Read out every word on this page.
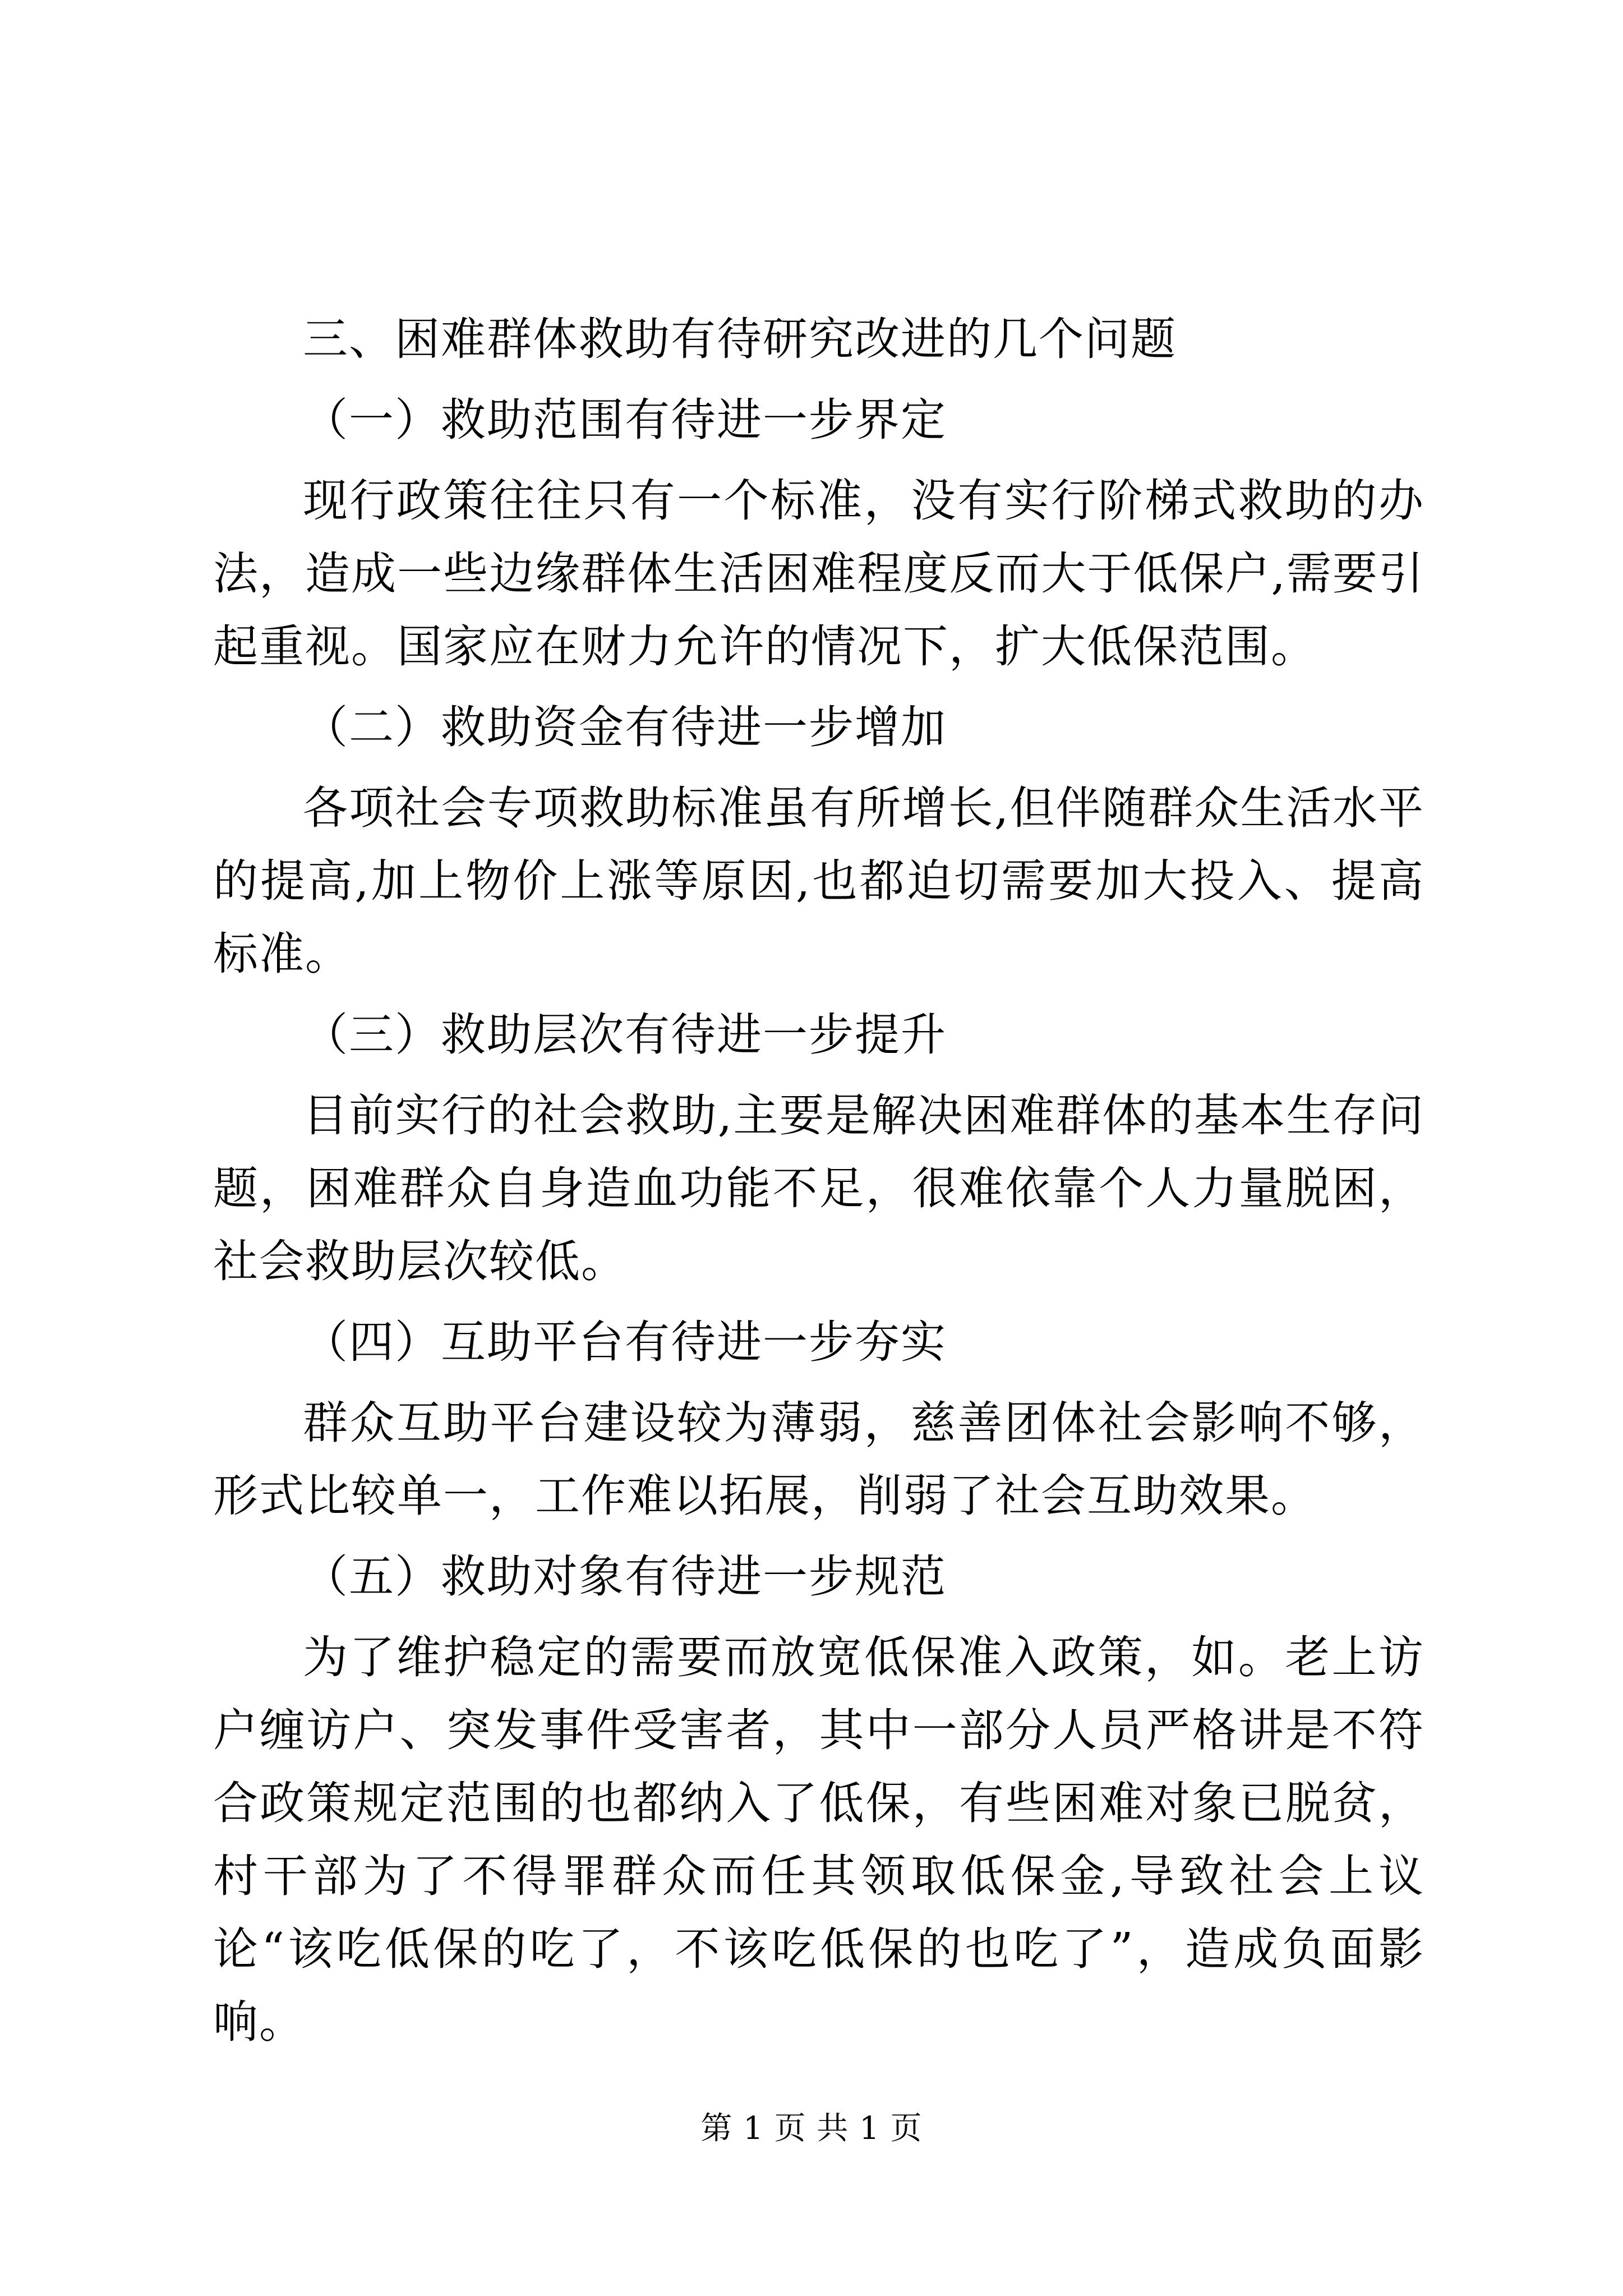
三、困难群体救助有待研究改进的几个问题

（一）救助范围有待进一步界定

现行政策往往只有一个标准，没有实行阶梯式救助的办法，造成一些边缘群体生活困难程度反而大于低保户,需要引起重视。国家应在财力允许的情况下，扩大低保范围。

（二）救助资金有待进一步增加

各项社会专项救助标准虽有所增长,但伴随群众生活水平的提高,加上物价上涨等原因,也都迫切需要加大投入、提高标准。

（三）救助层次有待进一步提升

目前实行的社会救助,主要是解决困难群体的基本生存问题，困难群众自身造血功能不足，很难依靠个人力量脱困，社会救助层次较低。

（四）互助平台有待进一步夯实

群众互助平台建设较为薄弱，慈善团体社会影响不够，形式比较单一，工作难以拓展，削弱了社会互助效果。

（五）救助对象有待进一步规范

为了维护稳定的需要而放宽低保准入政策，如。老上访户缠访户、突发事件受害者，其中一部分人员严格讲是不符合政策规定范围的也都纳入了低保，有些困难对象已脱贫，村干部为了不得罪群众而任其领取低保金,导致社会上议论“该吃低保的吃了，不该吃低保的也吃了”，造成负面影响。

第 1 页 共 1 页
